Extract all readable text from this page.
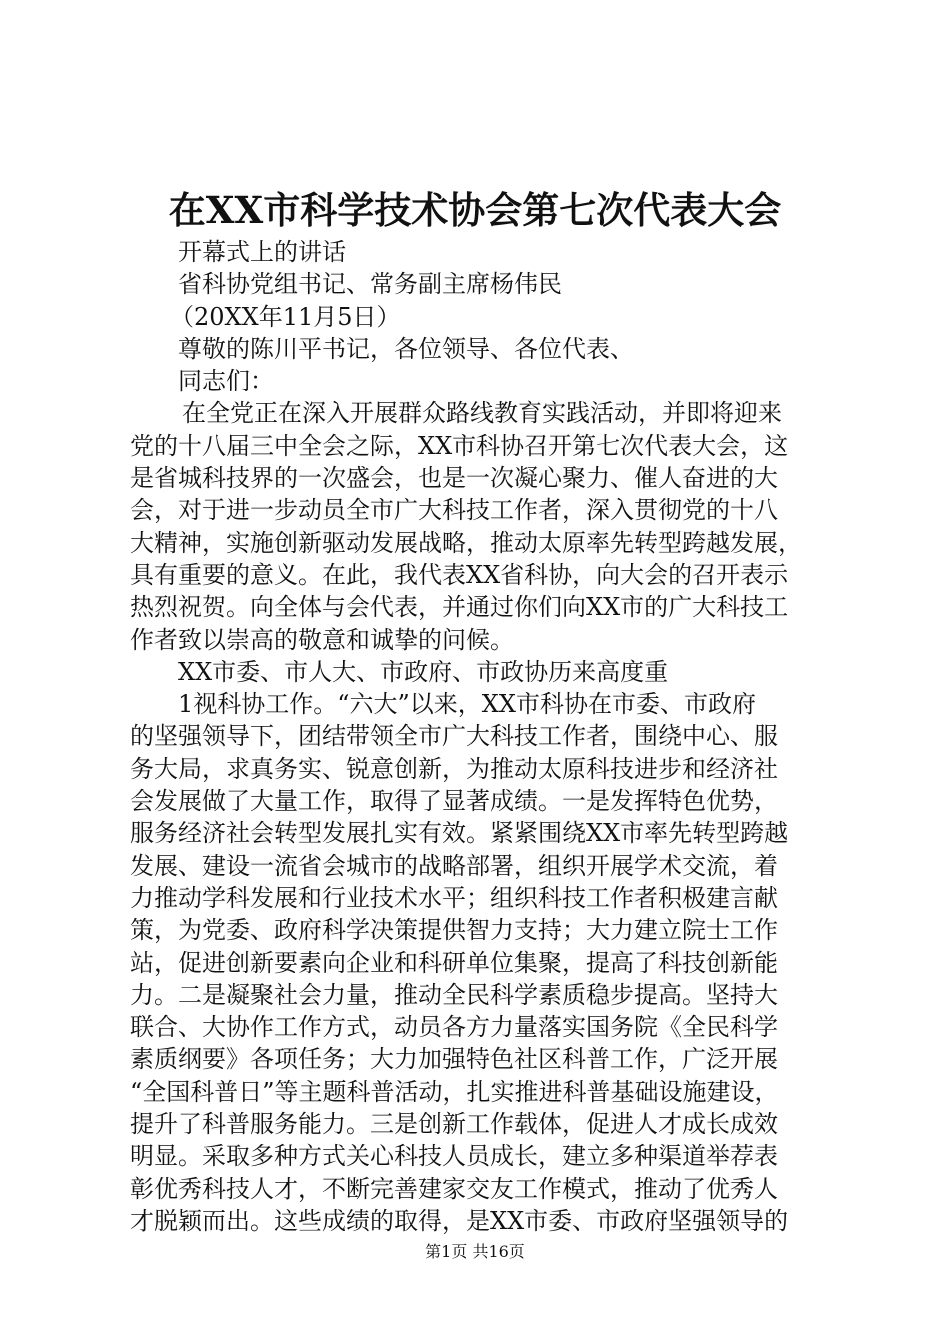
在XX市科学技术协会第七次代表大会
开幕式上的讲话
省科协党组书记、常务副主席杨伟民
（20XX年11月5日）
尊敬的陈川平书记，各位领导、各位代表、
同志们：
在全党正在深入开展群众路线教育实践活动，并即将迎来
党的十八届三中全会之际，XX市科协召开第七次代表大会，这
是省城科技界的一次盛会，也是一次凝心聚力、催人奋进的大
会，对于进一步动员全市广大科技工作者，深入贯彻党的十八
大精神，实施创新驱动发展战略，推动太原率先转型跨越发展，
具有重要的意义。在此，我代表XX省科协，向大会的召开表示
热烈祝贺。向全体与会代表，并通过你们向XX市的广大科技工
作者致以崇高的敬意和诚挚的问候。
XX市委、市人大、市政府、市政协历来高度重
1视科协工作。“六大”以来，XX市科协在市委、市政府
的坚强领导下，团结带领全市广大科技工作者，围绕中心、服
务大局，求真务实、锐意创新，为推动太原科技进步和经济社
会发展做了大量工作，取得了显著成绩。一是发挥特色优势，
服务经济社会转型发展扎实有效。紧紧围绕XX市率先转型跨越
发展、建设一流省会城市的战略部署，组织开展学术交流，着
力推动学科发展和行业技术水平；组织科技工作者积极建言献
策，为党委、政府科学决策提供智力支持；大力建立院士工作
站，促进创新要素向企业和科研单位集聚，提高了科技创新能
力。二是凝聚社会力量，推动全民科学素质稳步提高。坚持大
联合、大协作工作方式，动员各方力量落实国务院《全民科学
素质纲要》各项任务；大力加强特色社区科普工作，广泛开展
“全国科普日”等主题科普活动，扎实推进科普基础设施建设，
提升了科普服务能力。三是创新工作载体，促进人才成长成效
明显。采取多种方式关心科技人员成长，建立多种渠道举荐表
彰优秀科技人才，不断完善建家交友工作模式，推动了优秀人
才脱颖而出。这些成绩的取得，是XX市委、市政府坚强领导的
第1页 共16页
